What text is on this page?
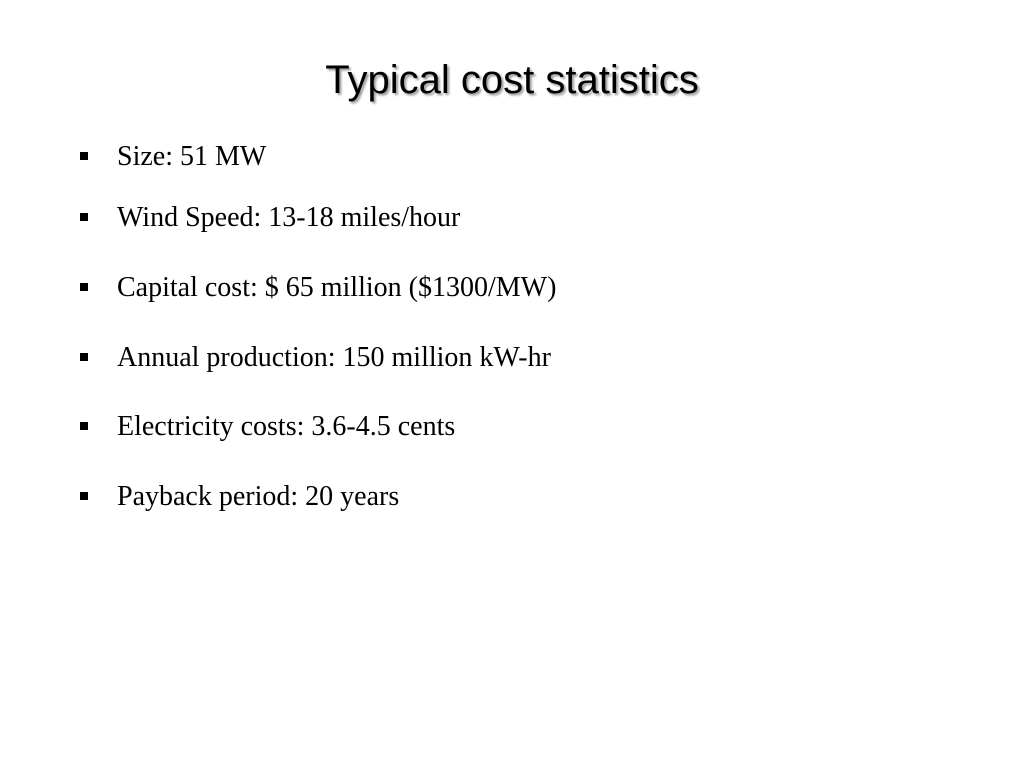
Typical cost statistics
Size: 51 MW
Wind Speed: 13-18 miles/hour
Capital cost: $ 65 million ($1300/MW)
Annual production: 150 million kW-hr
Electricity costs: 3.6-4.5 cents
Payback period: 20 years
